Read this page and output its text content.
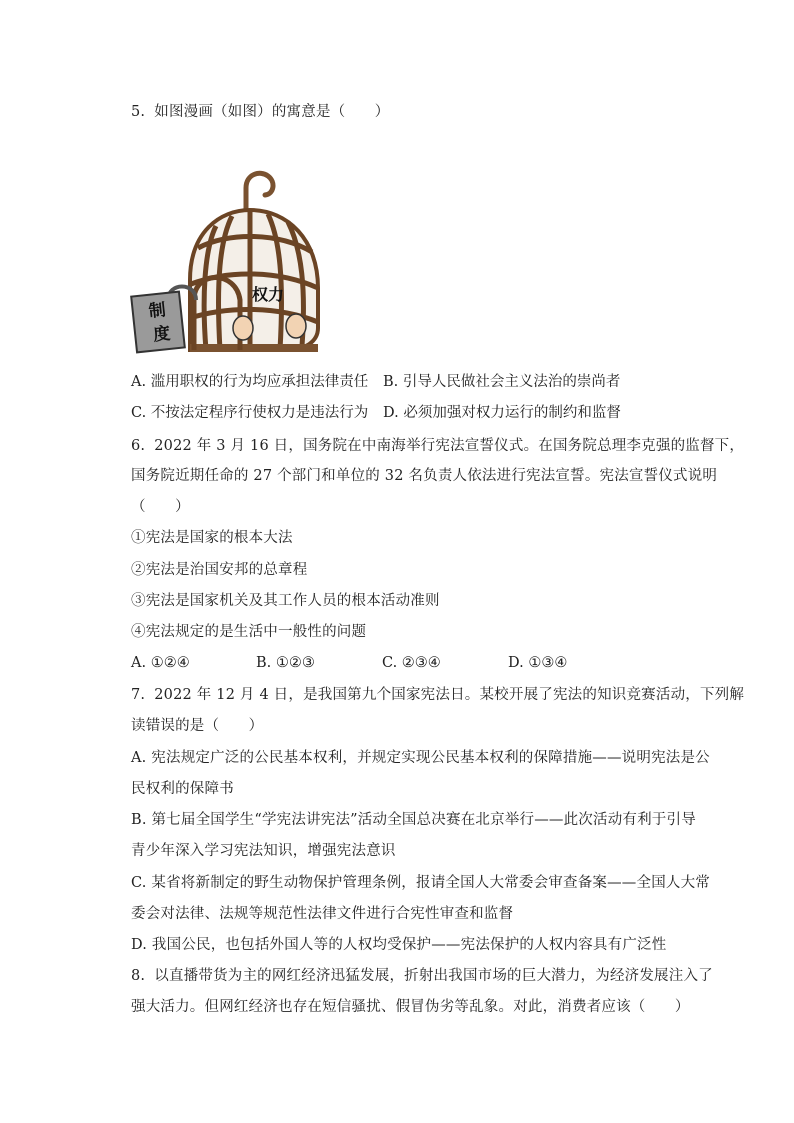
5. 如图漫画（如图）的寓意是（　　）
制
度
权力
A. 滥用职权的行为均应承担法律责任 B. 引导人民做社会主义法治的崇尚者
C. 不按法定程序行使权力是违法行为 D. 必须加强对权力运行的制约和监督
6. 2022 年 3 月 16 日，国务院在中南海举行宪法宣誓仪式。在国务院总理李克强的监督下，
国务院近期任命的 27 个部门和单位的 32 名负责人依法进行宪法宣誓。宪法宣誓仪式说明
（　　）
①宪法是国家的根本大法
②宪法是治国安邦的总章程
③宪法是国家机关及其工作人员的根本活动准则
④宪法规定的是生活中一般性的问题
A. ①②④	B. ①②③	C. ②③④	D. ①③④
7. 2022 年 12 月 4 日，是我国第九个国家宪法日。某校开展了宪法的知识竞赛活动，下列解
读错误的是（　　）
A. 宪法规定广泛的公民基本权利，并规定实现公民基本权利的保障措施——说明宪法是公
民权利的保障书
B. 第七届全国学生“学宪法讲宪法”活动全国总决赛在北京举行——此次活动有利于引导
青少年深入学习宪法知识，增强宪法意识
C. 某省将新制定的野生动物保护管理条例，报请全国人大常委会审查备案——全国人大常
委会对法律、法规等规范性法律文件进行合宪性审查和监督
D. 我国公民，也包括外国人等的人权均受保护——宪法保护的人权内容具有广泛性
8. 以直播带货为主的网红经济迅猛发展，折射出我国市场的巨大潜力，为经济发展注入了
强大活力。但网红经济也存在短信骚扰、假冒伪劣等乱象。对此，消费者应该（　　）
